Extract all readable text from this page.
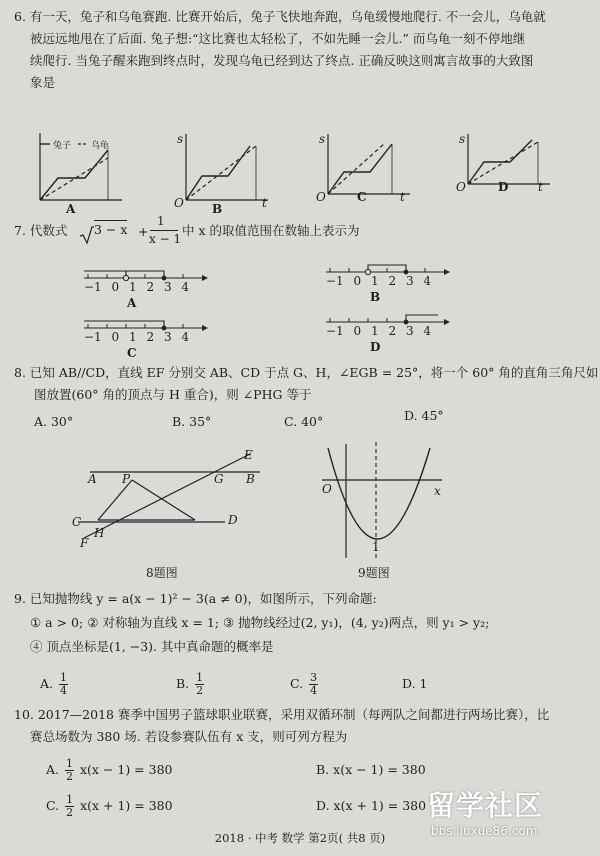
6. 有一天，兔子和乌龟赛跑. 比赛开始后，兔子飞快地奔跑，乌龟缓慢地爬行. 不一会儿，乌龟就
被远远地甩在了后面. 兔子想:“这比赛也太轻松了，不如先睡一会儿.” 而乌龟一刻不停地继
续爬行. 当兔子醒来跑到终点时，发现乌龟已经到达了终点. 正确反映这则寓言故事的大致图
象是
兔子 乌龟
A
s
O	t
B
s
O	t
C
s
O	t
D
7. 代数式 3 − x +
1
x − 1
中 x 的取值范围在数轴上表示为
−1 0 1 2 3 4
A
−1 0 1 2 3 4
B
−1 0 1 2 3 4
C
−1 0 1 2 3 4
D
8. 已知 AB//CD，直线 EF 分别交 AB、CD 于点 G、H，∠EGB = 25°，将一个 60° 角的直角三角尺如
图放置(60° 角的顶点与 H 重合)，则 ∠PHG 等于
A. 30°	B. 35°	C. 40°	D. 45°
A P	G B
E
C
H
D
F
8题图
O
1
x
9题图
9. 已知抛物线 y = a(x − 1)² − 3(a ≠ 0)，如图所示，下列命题:
① a > 0; ② 对称轴为直线 x = 1; ③ 抛物线经过(2, y₁)，(4, y₂)两点，则 y₁ > y₂;
④ 顶点坐标是(1, −3). 其中真命题的概率是
A. $\frac{1}{4}$	B. $\frac{1}{2}$	C. $\frac{3}{4}$	D. 1
10. 2017—2018 赛季中国男子篮球职业联赛，采用双循环制（每两队之间都进行两场比赛），比
赛总场数为 380 场. 若设参赛队伍有 x 支，则可列方程为
A. $\frac{1}{2} x(x - 1) = 380$	B. x(x − 1) = 380
C. $\frac{1}{2} x(x + 1) = 380$	D. x(x + 1) = 380
2018 · 中考 数学 第2页( 共8 页)
留学社区
bbs.liuxue86.com
